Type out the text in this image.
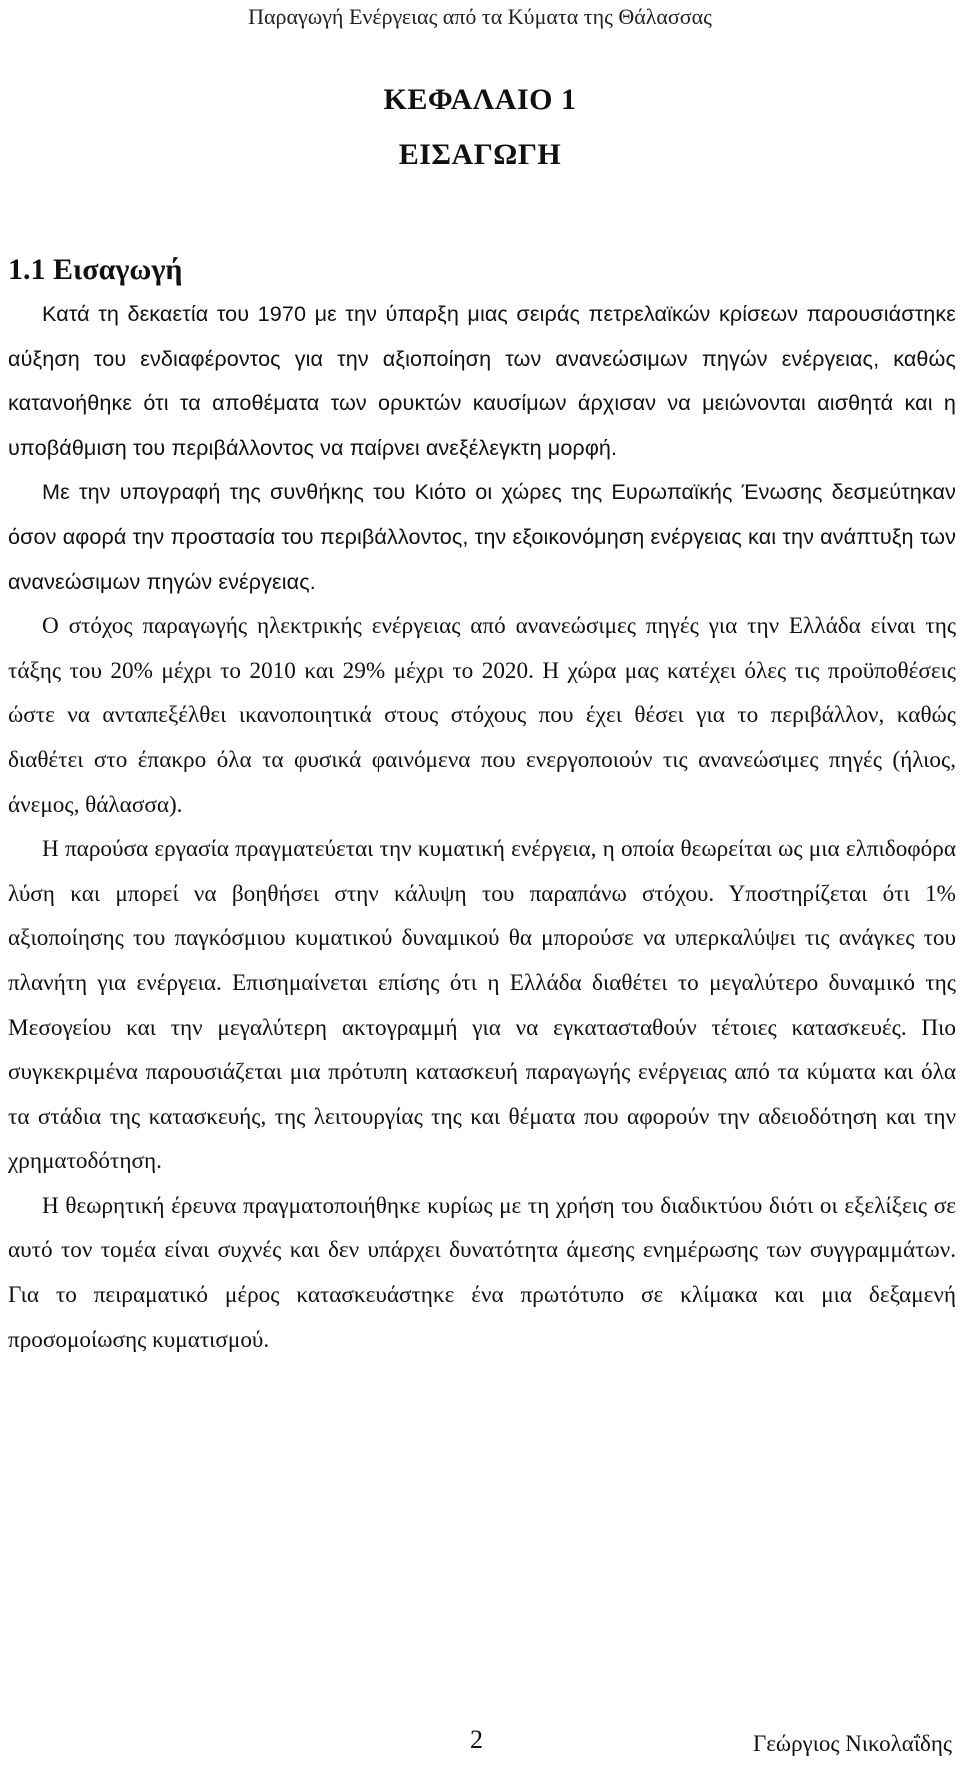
Παραγωγή Ενέργειας από τα Κύματα της Θάλασσας
ΚΕΦΑΛΑΙΟ 1
ΕΙΣΑΓΩΓΗ
1.1 Εισαγωγή

Κατά τη δεκαετία του 1970 με την ύπαρξη μιας σειράς πετρελαϊκών κρίσεων παρουσιάστηκε αύξηση του ενδιαφέροντος για την αξιοποίηση των ανανεώσιμων πηγών ενέργειας, καθώς κατανοήθηκε ότι τα αποθέματα των ορυκτών καυσίμων άρχισαν να μειώνονται αισθητά και η υποβάθμιση του περιβάλλοντος να παίρνει ανεξέλεγκτη μορφή.

Με την υπογραφή της συνθήκης του Κιότο οι χώρες της Ευρωπαϊκής Ένωσης δεσμεύτηκαν όσον αφορά την προστασία του περιβάλλοντος, την εξοικονόμηση ενέργειας και την ανάπτυξη των ανανεώσιμων πηγών ενέργειας.

Ο στόχος παραγωγής ηλεκτρικής ενέργειας από ανανεώσιμες πηγές για την Ελλάδα είναι της τάξης του 20% μέχρι το 2010 και 29% μέχρι το 2020. Η χώρα μας κατέχει όλες τις προϋποθέσεις ώστε να ανταπεξέλθει ικανοποιητικά στους στόχους που έχει θέσει για το περιβάλλον, καθώς διαθέτει στο έπακρο όλα τα φυσικά φαινόμενα που ενεργοποιούν τις ανανεώσιμες πηγές (ήλιος, άνεμος, θάλασσα).

Η παρούσα εργασία πραγματεύεται την κυματική ενέργεια, η οποία θεωρείται ως μια ελπιδοφόρα λύση και μπορεί να βοηθήσει στην κάλυψη του παραπάνω στόχου. Υποστηρίζεται ότι 1% αξιοποίησης του παγκόσμιου κυματικού δυναμικού θα μπορούσε να υπερκαλύψει τις ανάγκες του πλανήτη για ενέργεια. Επισημαίνεται επίσης ότι η Ελλάδα διαθέτει το μεγαλύτερο δυναμικό της Μεσογείου και την μεγαλύτερη ακτογραμμή για να εγκατασταθούν τέτοιες κατασκευές. Πιο συγκεκριμένα παρουσιάζεται μια πρότυπη κατασκευή παραγωγής ενέργειας από τα κύματα και όλα τα στάδια της κατασκευής, της λειτουργίας της και θέματα που αφορούν την αδειοδότηση και την χρηματοδότηση.

Η θεωρητική έρευνα πραγματοποιήθηκε κυρίως με τη χρήση του διαδικτύου διότι οι εξελίξεις σε αυτό τον τομέα είναι συχνές και δεν υπάρχει δυνατότητα άμεσης ενημέρωσης των συγγραμμάτων. Για το πειραματικό μέρος κατασκευάστηκε ένα πρωτότυπο σε κλίμακα και μια δεξαμενή προσομοίωσης κυματισμού.

2	Γεώργιος Νικολαΐδης
